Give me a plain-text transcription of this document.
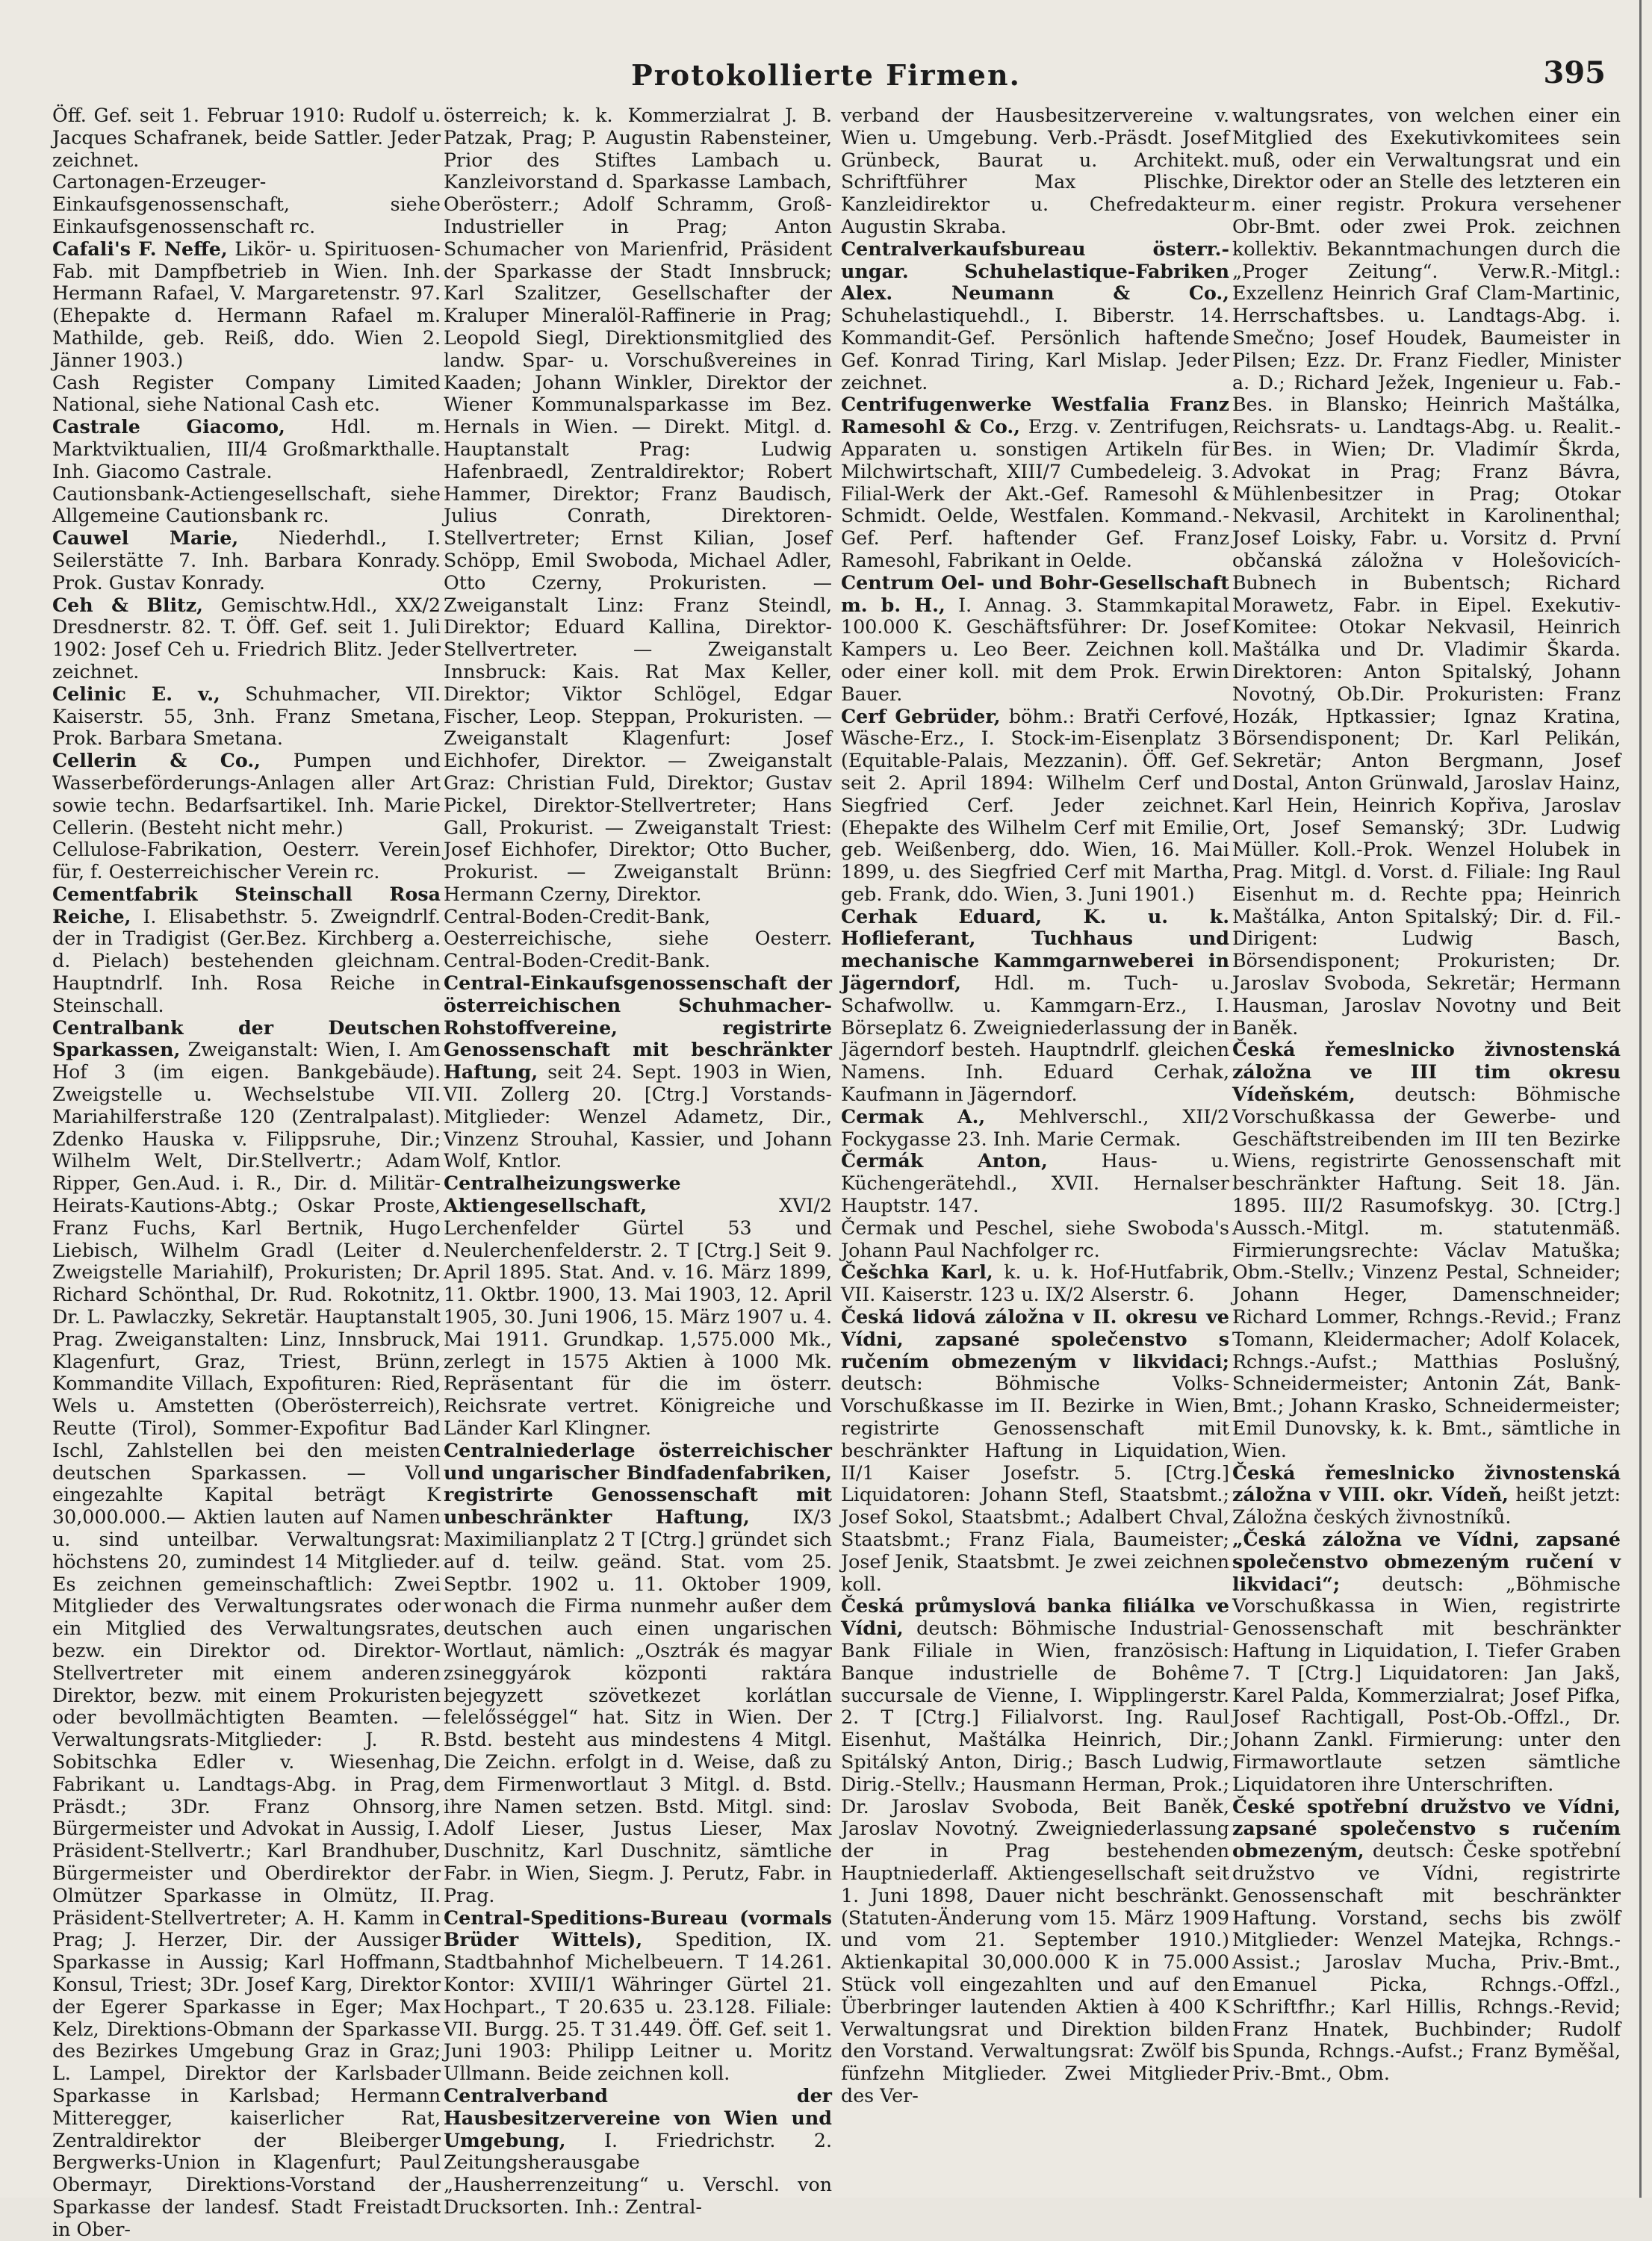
Protokollierte Firmen.	395

Öff. Gef. seit 1. Februar 1910: Rudolf u. Jacques Schafranek, beide Sattler. Jeder zeichnet.

Cartonagen-Erzeuger-Einkaufsgenossenschaft, siehe Einkaufsgenossenschaft rc.

Cafali's F. Neffe, Likör- u. Spirituosen-Fab. mit Dampfbetrieb in Wien. Inh. Hermann Rafael, V. Margaretenstr. 97. (Ehepakte d. Hermann Rafael m. Mathilde, geb. Reiß, ddo. Wien 2. Jänner 1903.)

Cash Register Company Limited National, siehe National Cash etc.

Castrale Giacomo, Hdl. m. Marktviktualien, III/4 Großmarkthalle. Inh. Giacomo Castrale.

Cautionsbank-Actiengesellschaft, siehe Allgemeine Cautionsbank rc.

Cauwel Marie, Niederhdl., I. Seilerstätte 7. Inh. Barbara Konrady. Prok. Gustav Konrady.

Ceh & Blitz, Gemischtw.Hdl., XX/2 Dresdnerstr. 82. T. Öff. Gef. seit 1. Juli 1902: Josef Ceh u. Friedrich Blitz. Jeder zeichnet.

Celinic E. v., Schuhmacher, VII. Kaiserstr. 55, 3nh. Franz Smetana, Prok. Barbara Smetana.

Cellerin & Co., Pumpen und Wasserbeförderungs-Anlagen aller Art sowie techn. Bedarfsartikel. Inh. Marie Cellerin. (Besteht nicht mehr.)

Cellulose-Fabrikation, Oesterr. Verein für, f. Oesterreichischer Verein rc.

Cementfabrik Steinschall Rosa Reiche, I. Elisabethstr. 5. Zweigndrlf. der in Tradigist (Ger.Bez. Kirchberg a. d. Pielach) bestehenden gleichnam. Hauptndrlf. Inh. Rosa Reiche in Steinschall.

Centralbank der Deutschen Sparkassen, Zweiganstalt: Wien, I. Am Hof 3 (im eigen. Bankgebäude). Zweigstelle u. Wechselstube VII. Mariahilferstraße 120 (Zentralpalast). Zdenko Hauska v. Filippsruhe, Dir.; Wilhelm Welt, Dir.Stellvertr.; Adam Ripper, Gen.Aud. i. R., Dir. d. Militär-Heirats-Kautions-Abtg.; Oskar Proste, Franz Fuchs, Karl Bertnik, Hugo Liebisch, Wilhelm Gradl (Leiter d. Zweigstelle Mariahilf), Prokuristen; Dr. Richard Schönthal, Dr. Rud. Rokotnitz, Dr. L. Pawlaczky, Sekretär. Hauptanstalt Prag. Zweiganstalten: Linz, Innsbruck, Klagenfurt, Graz, Triest, Brünn, Kommandite Villach, Expofituren: Ried, Wels u. Amstetten (Oberösterreich), Reutte (Tirol), Sommer-Expofitur Bad Ischl, Zahlstellen bei den meisten deutschen Sparkassen. — Voll eingezahlte Kapital beträgt K 30,000.000.— Aktien lauten auf Namen u. sind unteilbar. Verwaltungsrat: höchstens 20, zumindest 14 Mitglieder. Es zeichnen gemeinschaftlich: Zwei Mitglieder des Verwaltungsrates oder ein Mitglied des Verwaltungsrates, bezw. ein Direktor od. Direktor-Stellvertreter mit einem anderen Direktor, bezw. mit einem Prokuristen oder bevollmächtigten Beamten. — Verwaltungsrats-Mitglieder: J. R. Sobitschka Edler v. Wiesenhag, Fabrikant u. Landtags-Abg. in Prag, Präsdt.; 3Dr. Franz Ohnsorg, Bürgermeister und Advokat in Aussig, I. Präsident-Stellvertr.; Karl Brandhuber, Bürgermeister und Oberdirektor der Olmützer Sparkasse in Olmütz, II. Präsident-Stellvertreter; A. H. Kamm in Prag; J. Herzer, Dir. der Aussiger Sparkasse in Aussig; Karl Hoffmann, Konsul, Triest; 3Dr. Josef Karg, Direktor der Egerer Sparkasse in Eger; Max Kelz, Direktions-Obmann der Sparkasse des Bezirkes Umgebung Graz in Graz; L. Lampel, Direktor der Karlsbader Sparkasse in Karlsbad; Hermann Mitteregger, kaiserlicher Rat, Zentraldirektor der Bleiberger Bergwerks-Union in Klagenfurt; Paul Obermayr, Direktions-Vorstand der Sparkasse der landesf. Stadt Freistadt in Ober-

österreich; k. k. Kommerzialrat J. B. Patzak, Prag; P. Augustin Rabensteiner, Prior des Stiftes Lambach u. Kanzleivorstand d. Sparkasse Lambach, Oberösterr.; Adolf Schramm, Groß-Industrieller in Prag; Anton Schumacher von Marienfrid, Präsident der Sparkasse der Stadt Innsbruck; Karl Szalitzer, Gesellschafter der Kraluper Mineralöl-Raffinerie in Prag; Leopold Siegl, Direktionsmitglied des landw. Spar- u. Vorschußvereines in Kaaden; Johann Winkler, Direktor der Wiener Kommunalsparkasse im Bez. Hernals in Wien. — Direkt. Mitgl. d. Hauptanstalt Prag: Ludwig Hafenbraedl, Zentraldirektor; Robert Hammer, Direktor; Franz Baudisch, Julius Conrath, Direktoren-Stellvertreter; Ernst Kilian, Josef Schöpp, Emil Swoboda, Michael Adler, Otto Czerny, Prokuristen. — Zweiganstalt Linz: Franz Steindl, Direktor; Eduard Kallina, Direktor-Stellvertreter. — Zweiganstalt Innsbruck: Kais. Rat Max Keller, Direktor; Viktor Schlögel, Edgar Fischer, Leop. Steppan, Prokuristen. — Zweiganstalt Klagenfurt: Josef Eichhofer, Direktor. — Zweiganstalt Graz: Christian Fuld, Direktor; Gustav Pickel, Direktor-Stellvertreter; Hans Gall, Prokurist. — Zweiganstalt Triest: Josef Eichhofer, Direktor; Otto Bucher, Prokurist. — Zweiganstalt Brünn: Hermann Czerny, Direktor.

Central-Boden-Credit-Bank, Oesterreichische, siehe Oesterr. Central-Boden-Credit-Bank.

Central-Einkaufsgenossenschaft der österreichischen Schuhmacher-Rohstoffvereine, registrirte Genossenschaft mit beschränkter Haftung, seit 24. Sept. 1903 in Wien, VII. Zollerg 20. [Ctrg.] Vorstands-Mitglieder: Wenzel Adametz, Dir., Vinzenz Strouhal, Kassier, und Johann Wolf, Kntlor.

Centralheizungswerke Aktiengesellschaft, XVI/2 Lerchenfelder Gürtel 53 und Neulerchenfelderstr. 2. T [Ctrg.] Seit 9. April 1895. Stat. And. v. 16. März 1899, 11. Oktbr. 1900, 13. Mai 1903, 12. April 1905, 30. Juni 1906, 15. März 1907 u. 4. Mai 1911. Grundkap. 1,575.000 Mk., zerlegt in 1575 Aktien à 1000 Mk. Repräsentant für die im österr. Reichsrate vertret. Königreiche und Länder Karl Klingner.

Centralniederlage österreichischer und ungarischer Bindfadenfabriken, registrirte Genossenschaft mit unbeschränkter Haftung, IX/3 Maximilianplatz 2 T [Ctrg.] gründet sich auf d. teilw. geänd. Stat. vom 25. Septbr. 1902 u. 11. Oktober 1909, wonach die Firma nunmehr außer dem deutschen auch einen ungarischen Wortlaut, nämlich: „Osztrák és magyar zsineggyárok központi raktára bejegyzett szövetkezet korlátlan felelősséggel“ hat. Sitz in Wien. Der Bstd. besteht aus mindestens 4 Mitgl. Die Zeichn. erfolgt in d. Weise, daß zu dem Firmenwortlaut 3 Mitgl. d. Bstd. ihre Namen setzen. Bstd. Mitgl. sind: Adolf Lieser, Justus Lieser, Max Duschnitz, Karl Duschnitz, sämtliche Fabr. in Wien, Siegm. J. Perutz, Fabr. in Prag.

Central-Speditions-Bureau (vormals Brüder Wittels), Spedition, IX. Stadtbahnhof Michelbeuern. T 14.261. Kontor: XVIII/1 Währinger Gürtel 21. Hochpart., T 20.635 u. 23.128. Filiale: VII. Burgg. 25. T 31.449. Öff. Gef. seit 1. Juni 1903: Philipp Leitner u. Moritz Ullmann. Beide zeichnen koll.

Centralverband der Hausbesitzervereine von Wien und Umgebung, I. Friedrichstr. 2. Zeitungsherausgabe „Hausherrenzeitung“ u. Verschl. von Drucksorten. Inh.: Zentral-

verband der Hausbesitzervereine v. Wien u. Umgebung. Verb.-Präsdt. Josef Grünbeck, Baurat u. Architekt. Schriftführer Max Plischke, Kanzleidirektor u. Chefredakteur Augustin Skraba.

Centralverkaufsbureau österr.-ungar. Schuhelastique-Fabriken Alex. Neumann & Co., Schuhelastiquehdl., I. Biberstr. 14. Kommandit-Gef. Persönlich haftende Gef. Konrad Tiring, Karl Mislap. Jeder zeichnet.

Centrifugenwerke Westfalia Franz Ramesohl & Co., Erzg. v. Zentrifugen, Apparaten u. sonstigen Artikeln für Milchwirtschaft, XIII/7 Cumbedeleig. 3. Filial-Werk der Akt.-Gef. Ramesohl & Schmidt. Oelde, Westfalen. Kommand.-Gef. Perf. haftender Gef. Franz Ramesohl, Fabrikant in Oelde.

Centrum Oel- und Bohr-Gesellschaft m. b. H., I. Annag. 3. Stammkapital 100.000 K. Geschäftsführer: Dr. Josef Kampers u. Leo Beer. Zeichnen koll. oder einer koll. mit dem Prok. Erwin Bauer.

Cerf Gebrüder, böhm.: Bratři Cerfové, Wäsche-Erz., I. Stock-im-Eisenplatz 3 (Equitable-Palais, Mezzanin). Öff. Gef. seit 2. April 1894: Wilhelm Cerf und Siegfried Cerf. Jeder zeichnet. (Ehepakte des Wilhelm Cerf mit Emilie, geb. Weißenberg, ddo. Wien, 16. Mai 1899, u. des Siegfried Cerf mit Martha, geb. Frank, ddo. Wien, 3. Juni 1901.)

Cerhak Eduard, K. u. k. Hoflieferant, Tuchhaus und mechanische Kammgarnweberei in Jägerndorf, Hdl. m. Tuch- u. Schafwollw. u. Kammgarn-Erz., I. Börseplatz 6. Zweigniederlassung der in Jägerndorf besteh. Hauptndrlf. gleichen Namens. Inh. Eduard Cerhak, Kaufmann in Jägerndorf.

Cermak A., Mehlverschl., XII/2 Fockygasse 23. Inh. Marie Cermak.

Čermák Anton, Haus- u. Küchengerätehdl., XVII. Hernalser Hauptstr. 147.

Čermak und Peschel, siehe Swoboda's Johann Paul Nachfolger rc.

Češchka Karl, k. u. k. Hof-Hutfabrik, VII. Kaiserstr. 123 u. IX/2 Alserstr. 6.

Česká lidová záložna v II. okresu ve Vídni, zapsané společenstvo s ručením obmezeným v likvidaci; deutsch: Böhmische Volks-Vorschußkasse im II. Bezirke in Wien, registrirte Genossenschaft mit beschränkter Haftung in Liquidation, II/1 Kaiser Josefstr. 5. [Ctrg.] Liquidatoren: Johann Stefl, Staatsbmt.; Josef Sokol, Staatsbmt.; Adalbert Chval, Staatsbmt.; Franz Fiala, Baumeister; Josef Jenik, Staatsbmt. Je zwei zeichnen koll.

Česká průmyslová banka filiálka ve Vídni, deutsch: Böhmische Industrial-Bank Filiale in Wien, französisch: Banque industrielle de Bohême succursale de Vienne, I. Wipplingerstr. 2. T [Ctrg.] Filialvorst. Ing. Raul Eisenhut, Maštálka Heinrich, Dir.; Spitálský Anton, Dirig.; Basch Ludwig, Dirig.-Stellv.; Hausmann Herman, Prok.; Dr. Jaroslav Svoboda, Beit Baněk, Jaroslav Novotný. Zweigniederlassung der in Prag bestehenden Hauptniederlaff. Aktiengesellschaft seit 1. Juni 1898, Dauer nicht beschränkt. (Statuten-Änderung vom 15. März 1909 und vom 21. September 1910.) Aktienkapital 30,000.000 K in 75.000 Stück voll eingezahlten und auf den Überbringer lautenden Aktien à 400 K Verwaltungsrat und Direktion bilden den Vorstand. Verwaltungsrat: Zwölf bis fünfzehn Mitglieder. Zwei Mitglieder des Ver-

waltungsrates, von welchen einer ein Mitglied des Exekutivkomitees sein muß, oder ein Verwaltungsrat und ein Direktor oder an Stelle des letzteren ein m. einer registr. Prokura versehener Obr-Bmt. oder zwei Prok. zeichnen kollektiv. Bekanntmachungen durch die „Proger Zeitung“. Verw.R.-Mitgl.: Exzellenz Heinrich Graf Clam-Martinic, Herrschaftsbes. u. Landtags-Abg. i. Smečno; Josef Houdek, Baumeister in Pilsen; Ezz. Dr. Franz Fiedler, Minister a. D.; Richard Ježek, Ingenieur u. Fab.-Bes. in Blansko; Heinrich Maštálka, Reichsrats- u. Landtags-Abg. u. Realit.-Bes. in Wien; Dr. Vladimír Škrda, Advokat in Prag; Franz Bávra, Mühlenbesitzer in Prag; Otokar Nekvasil, Architekt in Karolinenthal; Josef Loisky, Fabr. u. Vorsitz d. První občanská záložna v Holešovicích-Bubnech in Bubentsch; Richard Morawetz, Fabr. in Eipel. Exekutiv-Komitee: Otokar Nekvasil, Heinrich Maštálka und Dr. Vladimir Škarda. Direktoren: Anton Spitalský, Johann Novotný, Ob.Dir. Prokuristen: Franz Hozák, Hptkassier; Ignaz Kratina, Börsendisponent; Dr. Karl Pelikán, Sekretär; Anton Bergmann, Josef Dostal, Anton Grünwald, Jaroslav Hainz, Karl Hein, Heinrich Kopřiva, Jaroslav Ort, Josef Semanský; 3Dr. Ludwig Müller. Koll.-Prok. Wenzel Holubek in Prag. Mitgl. d. Vorst. d. Filiale: Ing Raul Eisenhut m. d. Rechte ppa; Heinrich Maštálka, Anton Spitalský; Dir. d. Fil.-Dirigent: Ludwig Basch, Börsendisponent; Prokuristen; Dr. Jaroslav Svoboda, Sekretär; Hermann Hausman, Jaroslav Novotny und Beit Baněk.

Česká řemeslnicko živnostenská záložna ve III tim okresu Vídeňském, deutsch: Böhmische Vorschußkassa der Gewerbe- und Geschäftstreibenden im III ten Bezirke Wiens, registrirte Genossenschaft mit beschränkter Haftung. Seit 18. Jän. 1895. III/2 Rasumofskyg. 30. [Ctrg.] Aussch.-Mitgl. m. statutenmäß. Firmierungsrechte: Václav Matuška; Obm.-Stellv.; Vinzenz Pestal, Schneider; Johann Heger, Damenschneider; Richard Lommer, Rchngs.-Revid.; Franz Tomann, Kleidermacher; Adolf Kolacek, Rchngs.-Aufst.; Matthias Poslušný, Schneidermeister; Antonin Zát, Bank-Bmt.; Johann Krasko, Schneidermeister; Emil Dunovsky, k. k. Bmt., sämtliche in Wien.

Česká řemeslnicko živnostenská záložna v VIII. okr. Vídeň, heißt jetzt: Záložna českých živnostníků.

„Česká záložna ve Vídni, zapsané společenstvo obmezeným ručení v likvidaci“; deutsch: „Böhmische Vorschußkassa in Wien, registrirte Genossenschaft mit beschränkter Haftung in Liquidation, I. Tiefer Graben 7. T [Ctrg.] Liquidatoren: Jan Jakš, Karel Palda, Kommerzialrat; Josef Pifka, Josef Rachtigall, Post-Ob.-Offzl., Dr. Johann Zankl. Firmierung: unter den Firmawortlaute setzen sämtliche Liquidatoren ihre Unterschriften.

České spotřební družstvo ve Vídni, zapsané společenstvo s ručením obmezeným, deutsch: Česke spotřební družstvo ve Vídni, registrirte Genossenschaft mit beschränkter Haftung. Vorstand, sechs bis zwölf Mitglieder: Wenzel Matejka, Rchngs.-Assist.; Jaroslav Mucha, Priv.-Bmt., Emanuel Picka, Rchngs.-Offzl., Schriftfhr.; Karl Hillis, Rchngs.-Revid; Franz Hnatek, Buchbinder; Rudolf Spunda, Rchngs.-Aufst.; Franz Byměšal, Priv.-Bmt., Obm.
